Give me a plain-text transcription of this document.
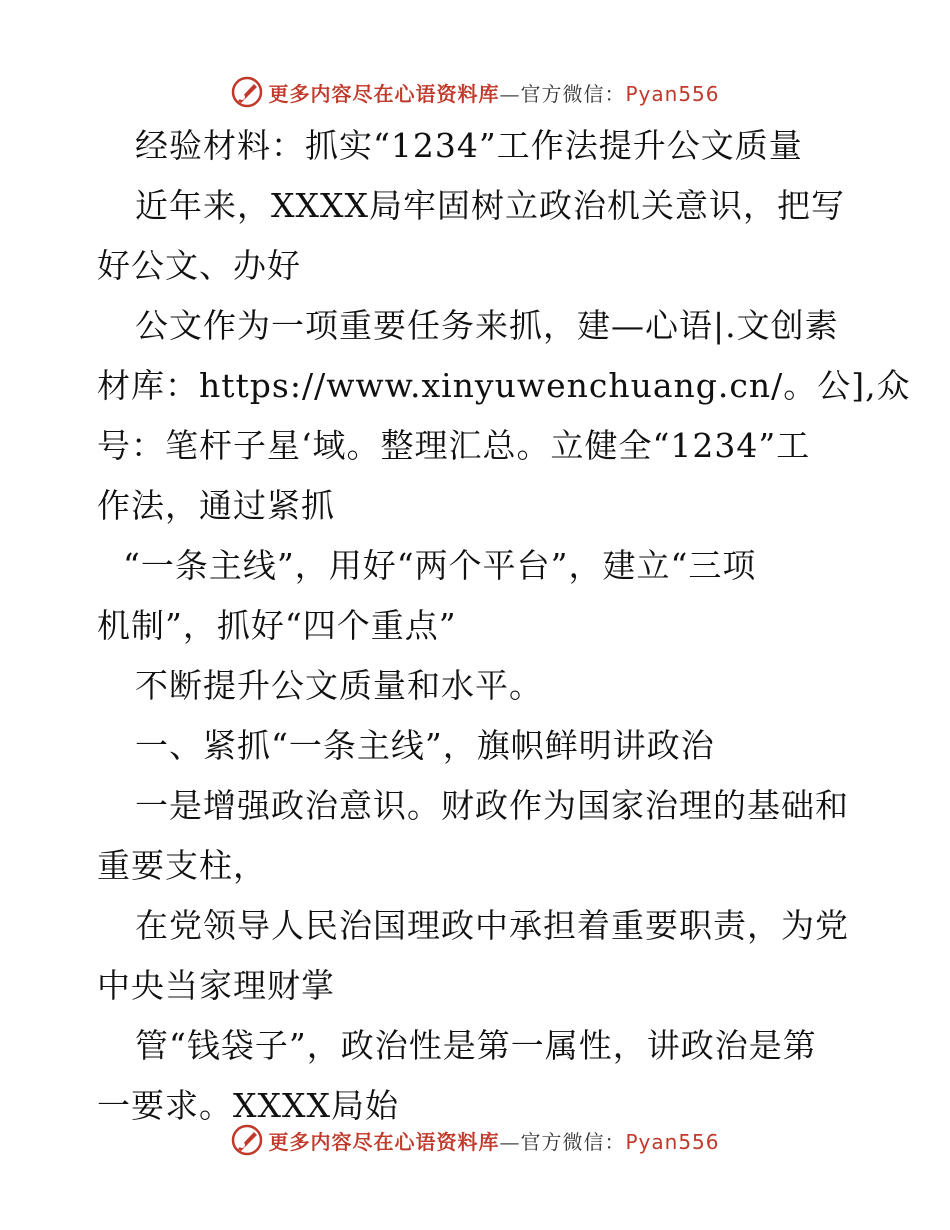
更多内容尽在心语资料库—官方微信：Pyan556
经验材料：抓实“1234”工作法提升公文质量
近年来，XXXX局牢固树立政治机关意识，把写
好公文、办好
公文作为一项重要任务来抓，建—心语|.文创素
材库：https://www.xinyuwenchuang.cn/。公],众
号：笔杆子星‘域。整理汇总。立健全“1234”工
作法，通过紧抓
“一条主线”，用好“两个平台”，建立“三项
机制”，抓好“四个重点”
不断提升公文质量和水平。
一、紧抓“一条主线”，旗帜鲜明讲政治
一是增强政治意识。财政作为国家治理的基础和
重要支柱，
在党领导人民治国理政中承担着重要职责，为党
中央当家理财掌
管“钱袋子”，政治性是第一属性，讲政治是第
一要求。XXXX局始
更多内容尽在心语资料库—官方微信：Pyan556
